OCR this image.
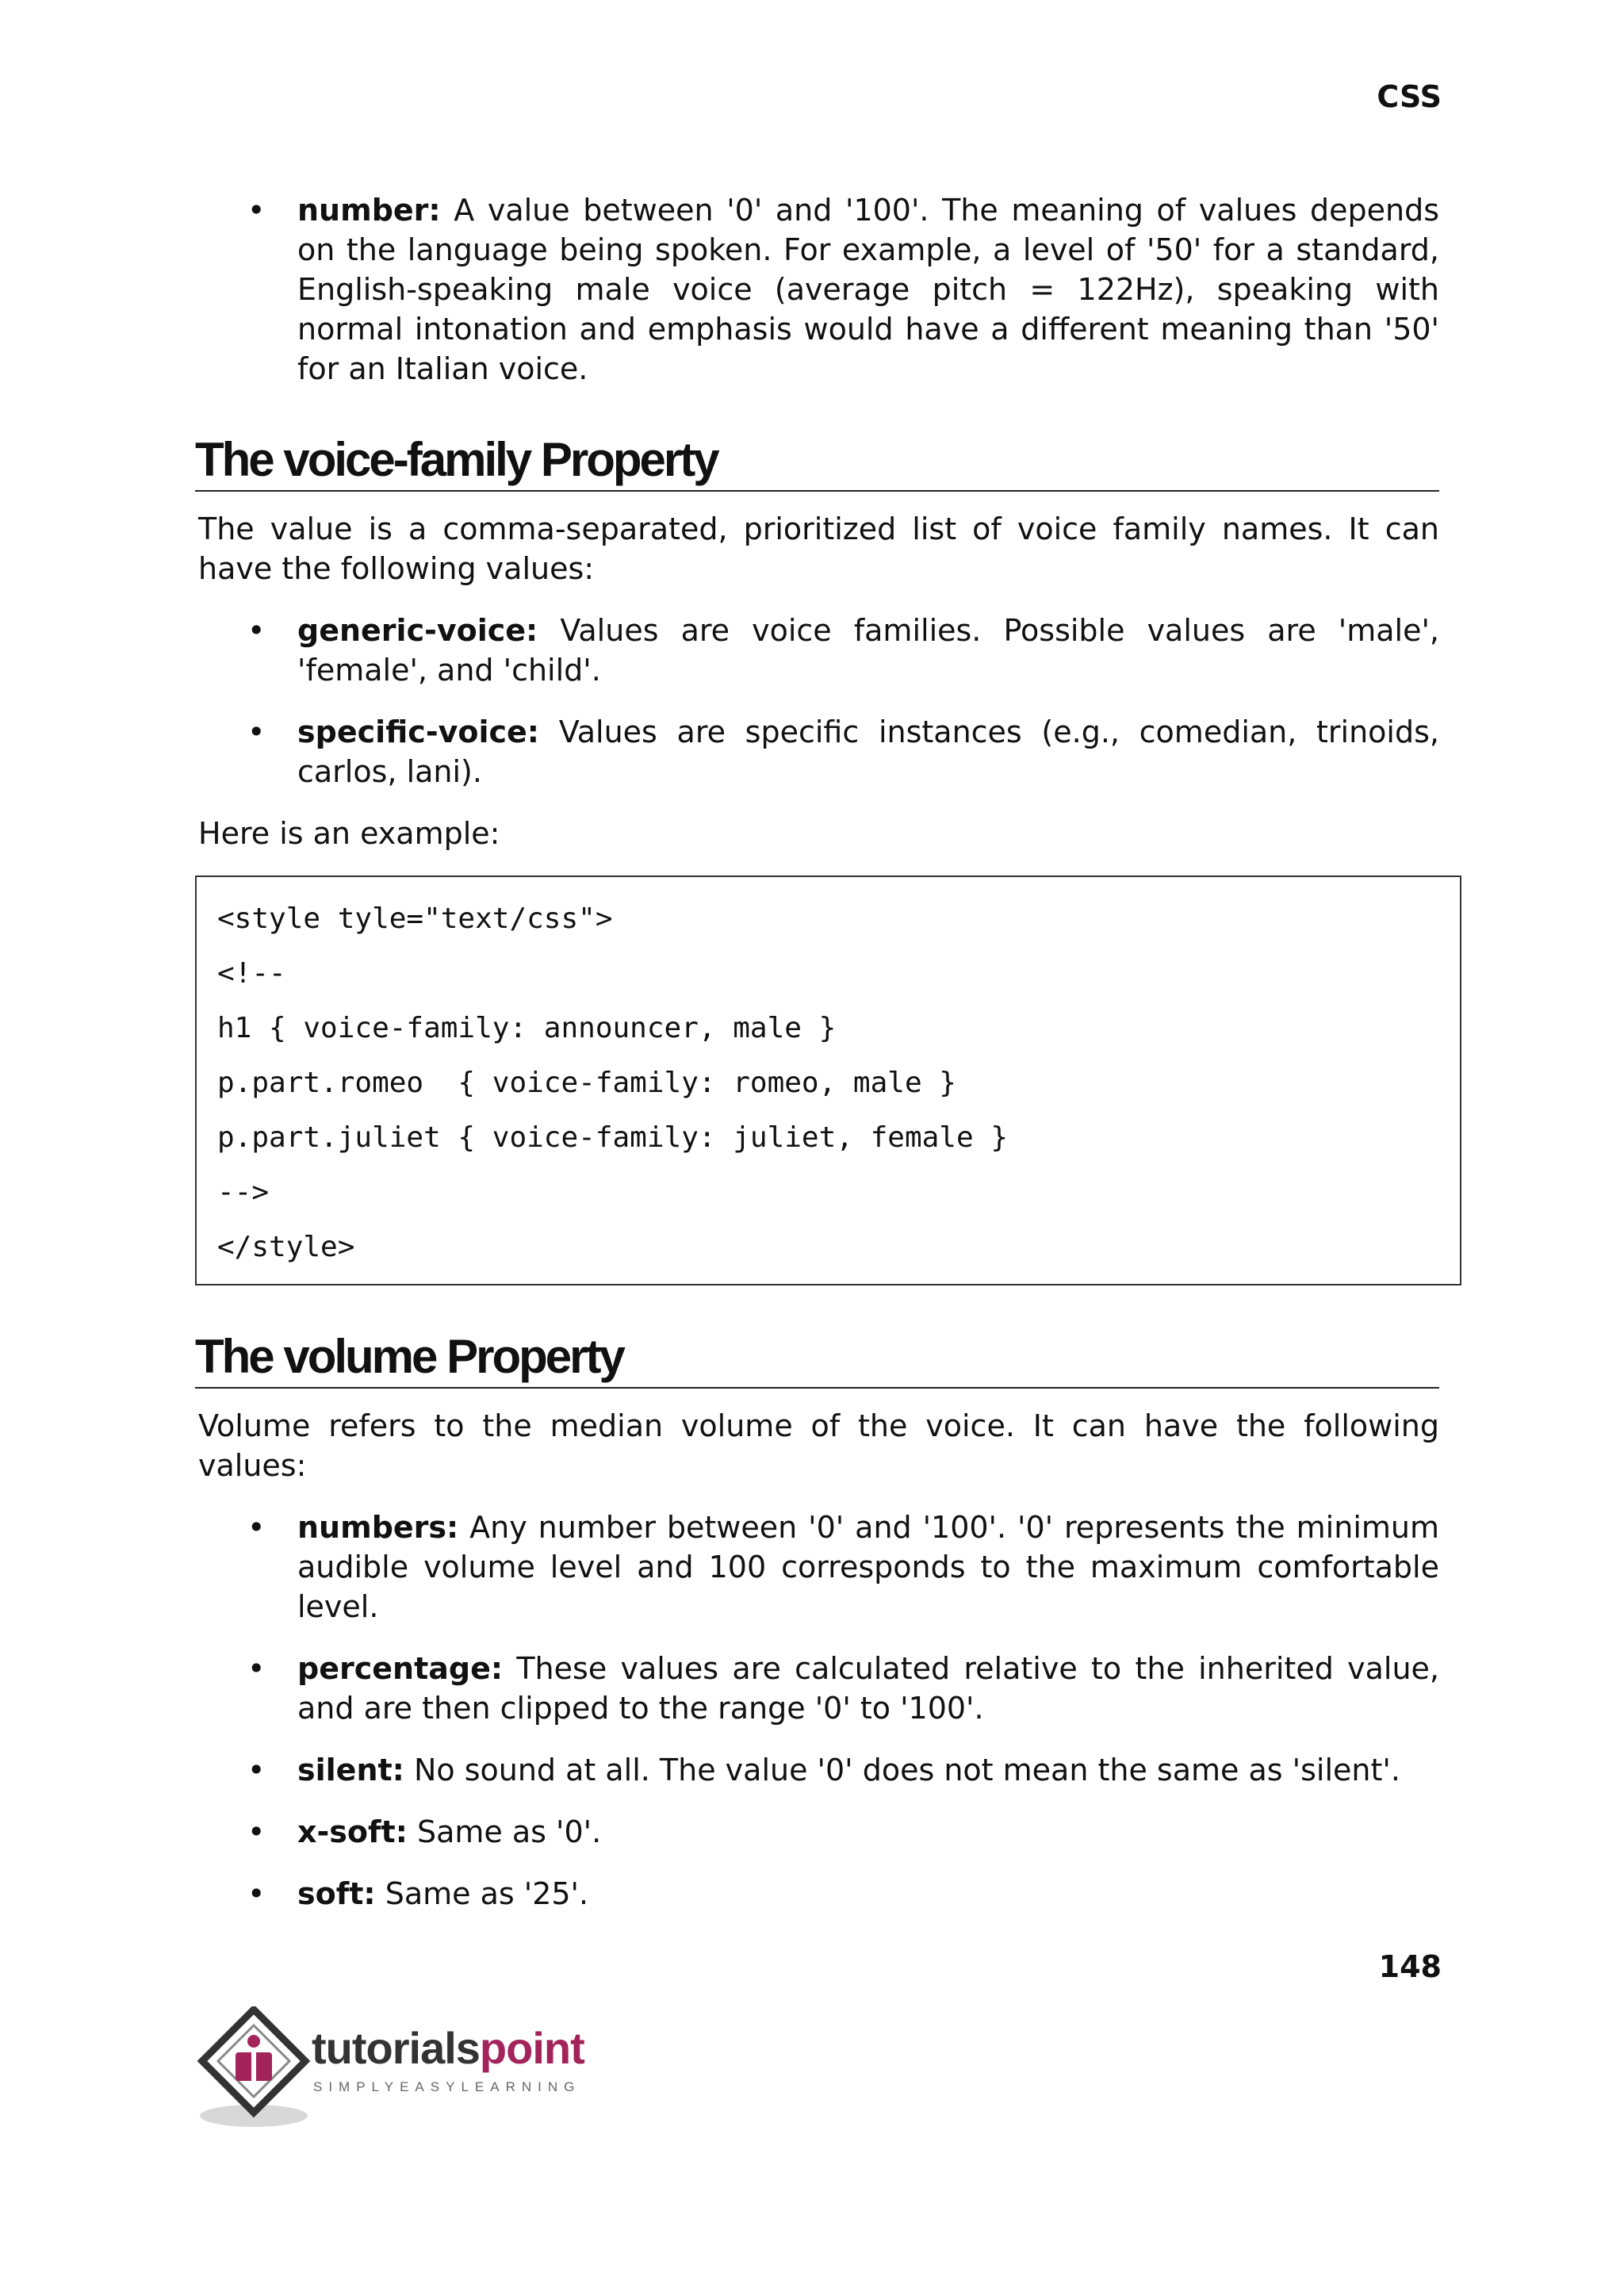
CSS
• number: A value between '0' and '100'. The meaning of values depends on the language being spoken. For example, a level of '50' for a standard, English-speaking male voice (average pitch = 122Hz), speaking with normal intonation and emphasis would have a different meaning than '50' for an Italian voice.
The voice-family Property

The value is a comma-separated, prioritized list of voice family names. It can have the following values:

• generic-voice: Values are voice families. Possible values are 'male', 'female', and 'child'.
• specific-voice: Values are specific instances (e.g., comedian, trinoids, carlos, lani).

Here is an example:

<style tyle="text/css">
<!--
h1 { voice-family: announcer, male }
p.part.romeo  { voice-family: romeo, male }
p.part.juliet { voice-family: juliet, female }
-->
</style>
The volume Property

Volume refers to the median volume of the voice. It can have the following values:

• numbers: Any number between '0' and '100'. '0' represents the minimum audible volume level and 100 corresponds to the maximum comfortable level.
• percentage: These values are calculated relative to the inherited value, and are then clipped to the range '0' to '100'.
• silent: No sound at all. The value '0' does not mean the same as 'silent'.
• x-soft: Same as '0'.
• soft: Same as '25'.
148
tutorialspoint
SIMPLYEASYLEARNING
